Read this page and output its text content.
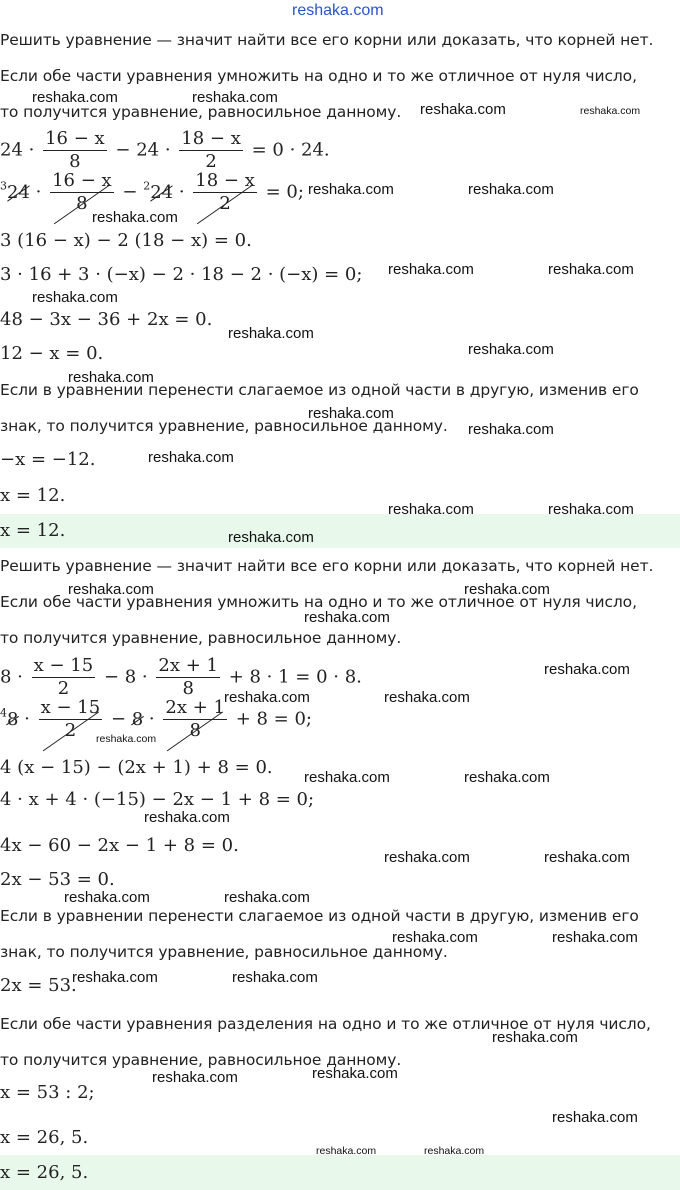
reshaka.com
Решить уравнение — значит найти все его корни или доказать, что корней нет.
Если обе части уравнения умножить на одно и то же отличное от нуля число,
то получится уравнение, равносильное данному.
$24 \cdot \frac{16 - x}{8} - 24 \cdot \frac{18 - x}{2} = 0 \cdot 24$.
$^324 \cdot \frac{16 - x}{8} - ^224 \cdot \frac{18 - x}{2} = 0$;
3 (16 − x) − 2 (18 − x) = 0.
3 · 16 + 3 · (−x) − 2 · 18 − 2 · (−x) = 0;
48 − 3x − 36 + 2x = 0.
12 − x = 0.
Если в уравнении перенести слагаемое из одной части в другую, изменив его
знак, то получится уравнение, равносильное данному.
−x = −12.
x = 12.
x = 12.
Решить уравнение — значит найти все его корни или доказать, что корней нет.
Если обе части уравнения умножить на одно и то же отличное от нуля число,
то получится уравнение, равносильное данному.
$8 \cdot \frac{x - 15}{2} - 8 \cdot \frac{2x + 1}{8} + 8 \cdot 1 = 0 \cdot 8$.
$^48 \cdot \frac{x - 15}{2} - 8 \cdot \frac{2x + 1}{8} + 8 = 0$;
4 (x − 15) − (2x + 1) + 8 = 0.
4 · x + 4 · (−15) − 2x − 1 + 8 = 0;
4x − 60 − 2x − 1 + 8 = 0.
2x − 53 = 0.
Если в уравнении перенести слагаемое из одной части в другую, изменив его
знак, то получится уравнение, равносильное данному.
2x = 53.
Если обе части уравнения разделения на одно и то же отличное от нуля число,
то получится уравнение, равносильное данному.
x = 53 : 2;
x = 26, 5.
x = 26, 5.
reshaka.com	reshaka.com
reshaka.com	reshaka.com
reshaka.com	reshaka.com
reshaka.com
reshaka.com	reshaka.com
reshaka.com
reshaka.com
reshaka.com
reshaka.com
reshaka.com
reshaka.com
reshaka.com
reshaka.com	reshaka.com
reshaka.com
reshaka.com	reshaka.com
reshaka.com
reshaka.com
reshaka.com	reshaka.com
reshaka.com
reshaka.com	reshaka.com
reshaka.com
reshaka.com	reshaka.com
reshaka.com	reshaka.com
reshaka.com	reshaka.com
reshaka.com	reshaka.com
reshaka.com
reshaka.com	reshaka.com
reshaka.com
reshaka.com	reshaka.com
